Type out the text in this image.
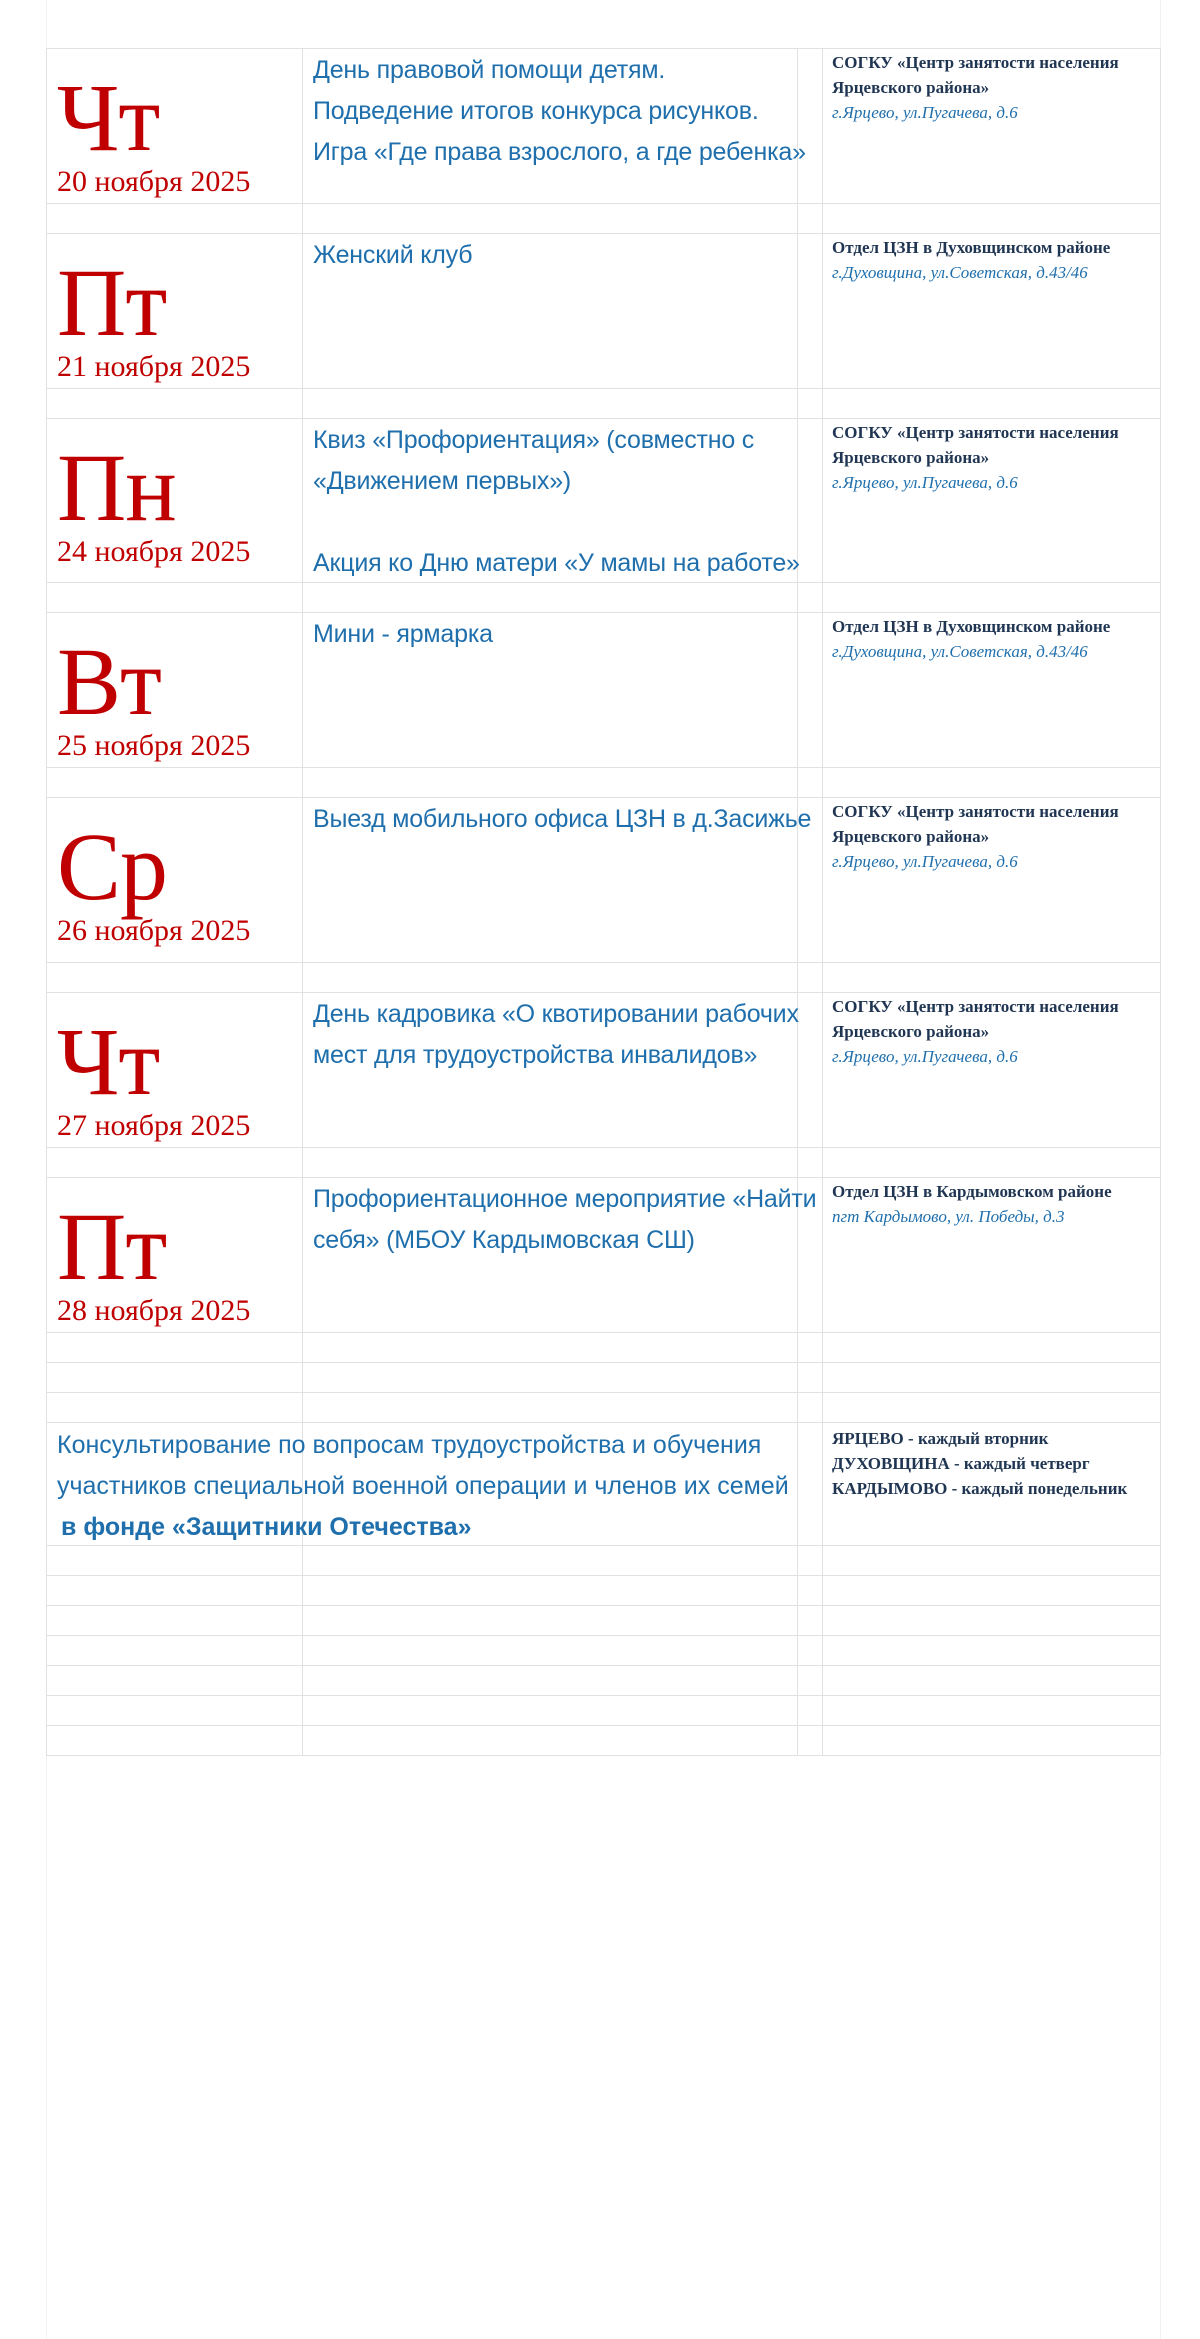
Чт
20 ноября 2025
День правовой помощи детям.
Подведение итогов конкурса рисунков.
Игра «Где права взрослого, а где ребенка»
СОГКУ «Центр занятости населения
Ярцевского района»
г.Ярцево, ул.Пугачева, д.6
Пт
21 ноября 2025
Женский клуб	Отдел ЦЗН в Духовщинском районе
г.Духовщина, ул.Советская, д.43/46
Пн
24 ноября 2025
Квиз «Профориентация» (совместно с
«Движением первых»)
Акция ко Дню матери «У мамы на работе»
СОГКУ «Центр занятости населения
Ярцевского района»
г.Ярцево, ул.Пугачева, д.6
Вт
25 ноября 2025
Мини - ярмарка	Отдел ЦЗН в Духовщинском районе
г.Духовщина, ул.Советская, д.43/46
Ср
26 ноября 2025
Выезд мобильного офиса ЦЗН в д.Засижье СОГКУ «Центр занятости населения
Ярцевского района»
г.Ярцево, ул.Пугачева, д.6
Чт
27 ноября 2025
День кадровика «О квотировании рабочих
мест для трудоустройства инвалидов»
СОГКУ «Центр занятости населения
Ярцевского района»
г.Ярцево, ул.Пугачева, д.6
Пт
28 ноября 2025
Профориентационное мероприятие «Найти
себя» (МБОУ Кардымовская СШ)
Отдел ЦЗН в Кардымовском районе
пгт Кардымово, ул. Победы, д.3
Консультирование по вопросам трудоустройства и обучения
участников специальной военной операции и членов их семей
в фонде «Защитники Отечества»
ЯРЦЕВО - каждый вторник
ДУХОВЩИНА - каждый четверг
КАРДЫМОВО - каждый понедельник
